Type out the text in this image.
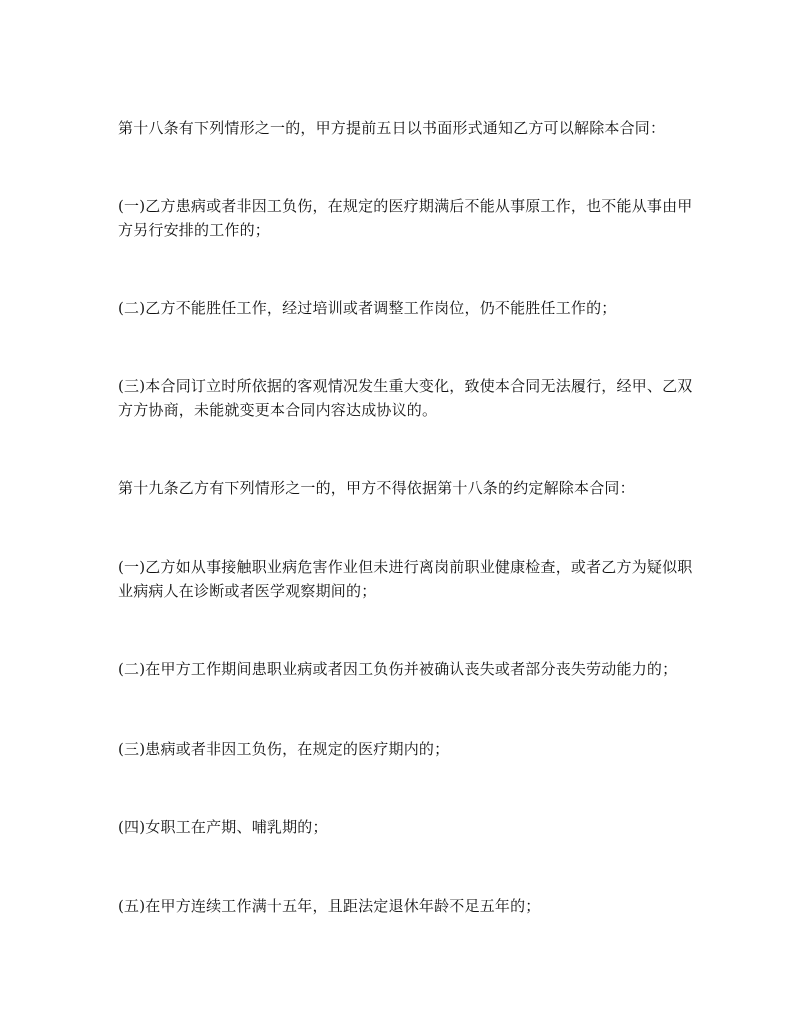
第十八条有下列情形之一的，甲方提前五日以书面形式通知乙方可以解除本合同：

(一)乙方患病或者非因工负伤，在规定的医疗期满后不能从事原工作，也不能从事由甲方另行安排的工作的；

(二)乙方不能胜任工作，经过培训或者调整工作岗位，仍不能胜任工作的；

(三)本合同订立时所依据的客观情况发生重大变化，致使本合同无法履行，经甲、乙双方方协商，未能就变更本合同内容达成协议的。

第十九条乙方有下列情形之一的，甲方不得依据第十八条的约定解除本合同：

(一)乙方如从事接触职业病危害作业但未进行离岗前职业健康检查，或者乙方为疑似职业病病人在诊断或者医学观察期间的；

(二)在甲方工作期间患职业病或者因工负伤并被确认丧失或者部分丧失劳动能力的；

(三)患病或者非因工负伤，在规定的医疗期内的；

(四)女职工在产期、哺乳期的；

(五)在甲方连续工作满十五年，且距法定退休年龄不足五年的；
